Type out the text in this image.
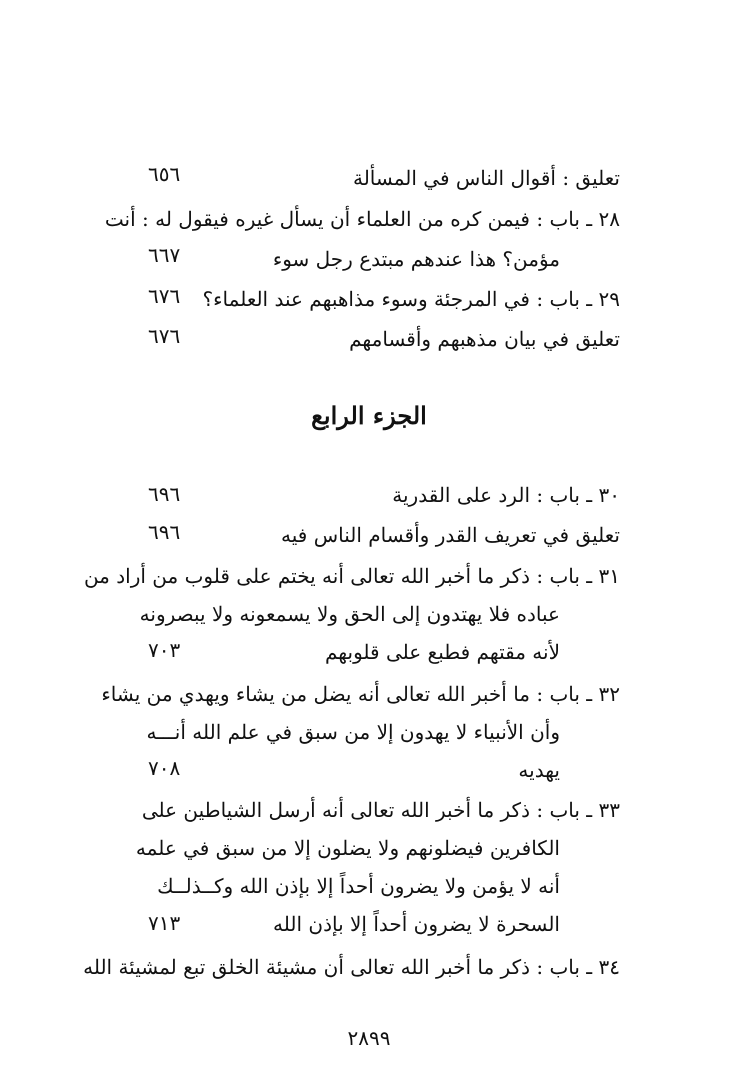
تعليق : أقوال الناس في المسألة
٦٥٦
٢٨ ـ باب : فيمن كره من العلماء أن يسأل غيره فيقول له : أنت
مؤمن؟ هذا عندهم مبتدع رجل سوء
٦٦٧
٢٩ ـ باب : في المرجئة وسوء مذاهبهم عند العلماء؟
٦٧٦
تعليق في بيان مذهبهم وأقسامهم
٦٧٦
الجزء الرابع
٣٠ ـ باب : الرد على القدرية
٦٩٦
تعليق في تعريف القدر وأقسام الناس فيه
٦٩٦
٣١ ـ باب : ذكر ما أخبر الله تعالى أنه يختم على قلوب من أراد من
عباده فلا يهتدون إلى الحق ولا يسمعونه ولا يبصرونه
لأنه مقتهم فطبع على قلوبهم
٧٠٣
٣٢ ـ باب : ما أخبر الله تعالى أنه يضل من يشاء ويهدي من يشاء
وأن الأنبياء لا يهدون إلا من سبق في علم الله أنـــه
يهديه
٧٠٨
٣٣ ـ باب : ذكر ما أخبر الله تعالى أنه أرسل الشياطين على
الكافرين فيضلونهم ولا يضلون إلا من سبق في علمه
أنه لا يؤمن ولا يضرون أحداً إلا بإذن الله وكــذلــك
السحرة لا يضرون أحداً إلا بإذن الله
٧١٣
٣٤ ـ باب : ذكر ما أخبر الله تعالى أن مشيئة الخلق تبع لمشيئة الله
٢٨٩٩
